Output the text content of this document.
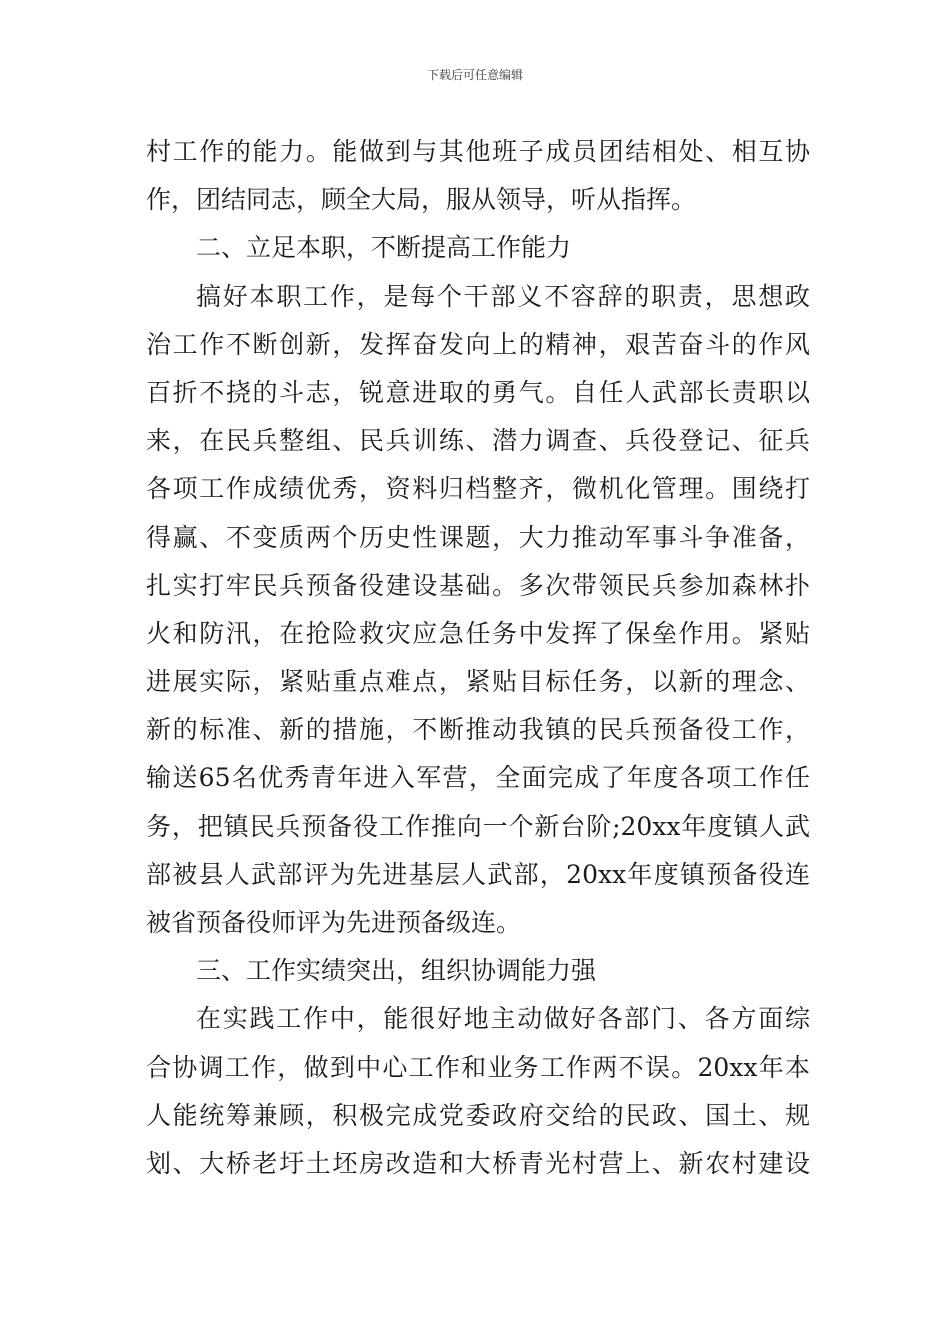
下载后可任意编辑
村工作的能力。能做到与其他班子成员团结相处、相互协
作，团结同志，顾全大局，服从领导，听从指挥。
二、立足本职，不断提高工作能力
搞好本职工作，是每个干部义不容辞的职责，思想政
治工作不断创新，发挥奋发向上的精神，艰苦奋斗的作风
百折不挠的斗志，锐意进取的勇气。自任人武部长责职以
来，在民兵整组、民兵训练、潜力调查、兵役登记、征兵
各项工作成绩优秀，资料归档整齐，微机化管理。围绕打
得赢、不变质两个历史性课题，大力推动军事斗争准备，
扎实打牢民兵预备役建设基础。多次带领民兵参加森林扑
火和防汛，在抢险救灾应急任务中发挥了保垒作用。紧贴
进展实际，紧贴重点难点，紧贴目标任务，以新的理念、
新的标准、新的措施，不断推动我镇的民兵预备役工作，
输送65名优秀青年进入军营，全面完成了年度各项工作任
务，把镇民兵预备役工作推向一个新台阶;20xx年度镇人武
部被县人武部评为先进基层人武部，20xx年度镇预备役连
被省预备役师评为先进预备级连。
三、工作实绩突出，组织协调能力强
在实践工作中，能很好地主动做好各部门、各方面综
合协调工作，做到中心工作和业务工作两不误。20xx年本
人能统筹兼顾，积极完成党委政府交给的民政、国土、规
划、大桥老圩土坯房改造和大桥青光村营上、新农村建设
